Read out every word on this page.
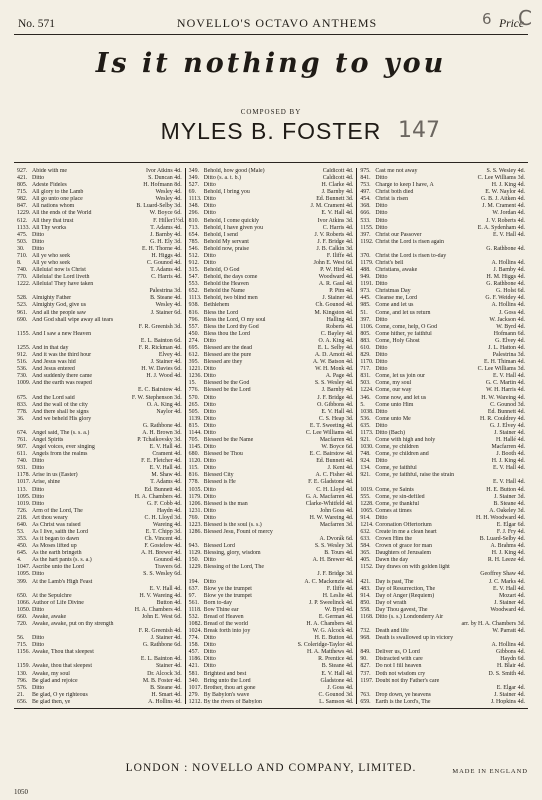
No. 571	NOVELLO'S OCTAVO ANTHEMS	Price
6 C
Is it nothing to you
COMPOSED BY
MYLES B. FOSTER 147
927. Abide with me	Ivor Atkins 4d.
421. Ditto	S. Duncan 4d.
805. Adeste Fideles	H. Hofmann 8d.
715. All glory to the Lamb	Wesley 4d.
982. All go unto one place	Wesley 4d.
847. All nations whom	B. Luard-Selby 3d.
1229. All the ends of the World	W. Boyce 6d.
612. All they that trust	F. Hiller 1½d.
1133. All Thy works	T. Adams 4d.
475. Ditto	J. Barnby 4d.
503. Ditto	G. H. Ely 3d.
30.	Ditto	E. H. Thorne 4d.
710. All ye who seek	H. Higgs 4d.
8.	All ye who seek	C. Gounod 4d.
740. Alleluia! now is Christ	T. Adams 4d.
770. Alleluia! the Lord liveth	C. Harris 4d.
1222. Alleluia! They have taken
Palestrina 3d.
528. Almighty Father	B. Steane 4d.
523. Almighty God, give us	Wesley 4d.
961. And all the people saw	J. Stainer 6d.
690. And God shall wipe away all tears
F. R. Greenish 3d.
1155. And I saw a new Heaven
E. L. Bainton 6d.
1255. And in that day	F. R. Rickman 4d.
912. And it was the third hour	Elvey 4d.
516. And Jesus was hid	J. Stainer 4d.
536. And Jesus entered	H. W. Davies 6d.
730. And suddenly there came	H. J. Wood 4d.
1009. And the earth was reaped
E. C. Bairstow 4d.
675. And the Lord said	F. W. Stephenson 3d.
833. And the wall of the city	O. A. King 4d.
778. And there shall be signs	Naylor 4d.
36.	And we beheld His glory
G. Rathbone 4d.
674. Angel said, The (s. s. a.)	A. H. Brown 3d.
761. Angel Spirits	P. Tchaikovsky 3d.
907. Angel voices, ever singing	E. V. Hall 4d.
611. Angels from the realms	Crament 4d.
740. Ditto	F. E. Fletcher 4d.
931. Ditto	E. V. Hall 4d.
1178. Arise in us (Easter)	M. Shaw 4d.
1017. Arise, shine	T. Adams 4d.
113. Ditto	Ed. Bunnett 4d.
1095. Ditto	H. A. Chambers 4d.
1019. Ditto	G. F. Cobb 4d.
726. Arm of the Lord, The	Haydn 4d.
218. Art thou weary	C. H. Lloyd 3d.
640. As Christ was raised	Wareing 4d.
53.	As I live, saith the Lord	E. T. Chipp 3d.
353. As it began to dawn	Ch. Vincent 4d.
450. As Moses lifted up	F. Gostelow 4d.
645. As the earth bringeth	A. H. Brewer 4d.
4.	As the hart pants (s. s. a.)	Gounod 4d.
1047. Ascribe unto the Lord	Travers 6d.
1095. Ditto	S. S. Wesley 6d.
399. At the Lamb's High Feast
E. V. Hall 4d.
650. At the Sepulchre	H. V. Wareing 4d.
1066. Author of Life Divine	Button 4d.
1050. Ditto	H. A. Chambers 4d.
660. Awake, awake	John E. West 6d.
720. Awake, awake, put on thy strength
F. R. Greenish 4d.
56.	Ditto	J. Stainer 4d.
715. Ditto	G. Rathbone 6d.
1156. Awake, Thou that sleepest
E. L. Bainton 4d.
1159. Awake, thou that sleepest	Stainer 4d.
130. Awake, my soul	Dr. Alcock 3d.
796. Be glad and rejoice	M. B. Foster 4d.
576. Ditto	B. Steane 4d.
21.	Be glad, O ye righteous	H. Smart 4d.
656. Be glad then, ye	A. Hollins 4d.
349. Behold, how good (Male)	Caldicott 4d.
349. Ditto (s. a. t. b.)	Caldicott 4d.
527. Ditto	H. Clarke 4d.
69.	Behold, I bring you	J. Barnby 4d.
1113. Ditto	Ed. Bunnett 3d.
348. Ditto	J. M. Crament 4d.
296. Ditto	E. V. Hall 4d.
810. Behold, I come quickly	Ivor Atkins 3d.
713. Behold, I have given you	C. Harris 4d.
654. Behold, I send	J. V. Roberts 4d.
785. Behold My servant	J. F. Bridge 4d.
546. Behold now, praise	J. B. Calkin 3d.
512. Ditto	F. Iliffe 4d.
912. Ditto	John E. West 6d.
315. Behold, O God	P. W. Hird 4d.
547. Behold, the days come	Woodward 4d.
553. Behold the Heaven	A. R. Gaul 4d.
652. Behold the Name	P. Pim 4d.
1113. Behold, two blind men	J. Stainer 4d.
938. Bethlehem	Ch. Gounod 4d.
816. Bless the Lord	M. Kingston 4d.
796. Bless the Lord, O my soul	Halling 4d.
557. Bless the Lord thy God	Roberts 4d.
450. Bless thou the Lord	C. Bayley 4d.
274. Ditto	O. A. King 4d.
695. Blessed are the dead	E. L. Selby 4d.
612. Blessed are the pure	A. D. Arnott 4d.
395. Blessed are they	A. W. Batson 4d.
1221. Ditto	W. H. Monk 4d.
1236. Ditto	A. Page 4d.
15.	Blessed be the God	S. S. Wesley 4d.
776. Blessed be the Lord	J. Barnby 4d.
570. Ditto	J. F. Bridge 4d.
265. Ditto	O. Gibbons 4d.
505. Ditto	E. V. Hall 4d.
1139. Ditto	C. S. Heap 3d.
815. Ditto	E. T. Sweeting 4d.
1144. Ditto	C. Lee Williams 4d.
705. Blessed be the Name	Macfarren 4d.
1145. Ditto	W. Boyce 6d.
680. Blessed be Thou	E. C. Bairstow 4d.
1120. Ditto	Ed. Bunnett 4d.
115. Ditto	J. Kent 4d.
816. Blessed City	A. C. Fisher 4d.
778. Blessed is He	F. E. Gladstone 4d.
1035. Ditto	C. H. Lloyd 4d.
1179. Ditto	G. A. Macfarren 4d.
1206. Blessed is the man	Clarke-Whitfeld 4d.
1231. Ditto	John Goss 4d.
769. Ditto	H. W. Wareing 4d.
1223. Blessed is the soul (s. s.)	Macfarren 3d.
1286. Blessed Jesu, Fount of mercy
A. Dvorák 6d.
943. Blessed Lord	S. S. Wesley 3d.
1129. Blessing, glory, wisdom	B. Tours 4d.
150. Ditto	A. H. Brewer 4d.
1229. Blessing of the Lord, The
J. F. Bridge 3d.
194. Ditto	A. C. Mackenzie 4d.
637. Blow ye the trumpet	F. Iliffe 4d.
97.	Blow ye the trumpet	H. Leslie 4d.
561. Born to-day	J. P. Sweelinck 4d.
1118. Bow Thine ear	W. Byrd 4d.
532. Bread of Heaven	E. German 4d.
1082. Bread of the world	H. A. Chambers 4d.
1024. Break forth into joy	W. G. Alcock 4d.
774. Ditto	H. E. Button 4d.
158. Ditto	S. Coleridge-Taylor 4d.
457. Ditto	H. A. Matthews 4d.
1186. Ditto	R. Prentice 4d.
421. Ditto	B. Steane 4d.
581. Brightest and best	E. V. Hall 4d.
340. Bring unto the Lord	Gladstone 4d.
1017. Brother, thou art gone	J. Goss 4d.
279. By Babylon's wave	C. Gounod 3d.
1212. By the rivers of Babylon	L. Samson 4d.
975. Cast me not away	S. S. Wesley 4d.
841. Ditto	C. Lee Williams 3d.
753. Charge to keep I have, A	H. J. King 4d.
497. Christ both died	E. W. Naylor 4d.
454. Christ is risen	G. B. J. Aitken 4d.
368. Ditto	J. M. Crament 4d.
666. Ditto	W. Jordan 4d.
533. Ditto	J. V. Roberts 4d.
1155. Ditto	E. A. Sydenham 4d.
397. Christ our Passover	E. V. Hall 4d.
1192. Christ the Lord is risen again
G. Rathbone 4d.
370. Christ the Lord is risen to-day
1179. Christ's bell	A. Hollins 4d.
488. Christians, awake	J. Barnby 4d.
949. Ditto	H. M. Higgs 4d.
1191. Ditto	G. Rathbone 4d.
973. Christmas Day	G. Holst 6d.
445. Cleanse me, Lord	G. F. Weidey 4d.
985. Come and let us	A. Hollins 4d.
51.	Come, and let us return	J. Goss 4d.
397. Ditto	W. Jackson 4d.
1106. Come, come, help, O God	W. Byrd 4d.
805. Come hither, ye faithful	Hofmann 6d.
883. Come, Holy Ghost	G. Elvey 4d.
610. Ditto	J. L. Hatton 4d.
829. Ditto	Palestrina 3d.
1170. Ditto	E. H. Thiman 4d.
717. Ditto	C. Lee Williams 3d.
831. Come, let us join our	E. V. Hall 4d.
503. Come, my soul	G. C. Martin 4d.
1224. Come, our way	W. H. Harris 4d.
346. Come now, and let us	H. W. Wareing 4d.
5.	Come unto Him	C. Gounod 3d.
1038. Ditto	Ed. Bunnett 4d.
536. Come unto Me	H. R. Couldrey 4d.
635. Ditto	G. J. Elvey 4d.
1173. Ditto (Bach)	J. Stainer 4d.
921. Come with high and holy	H. Hallé 4d.
1030. Come, ye children	Macfarren 4d.
748. Come, ye children and	J. Booth 4d.
924. Ditto	H. J. King 4d.
134. Come, ye faithful	E. V. Hall 4d.
921. Come, ye faithful, raise the strain
E. V. Hall 4d.
1019. Come, ye Saints	H. E. Button 4d.
555. Come, ye sin-defiled	J. Stainer 3d.
1228. Come, ye thankful	B. Steane 4d.
1065. Comes at times	A. Oakeley 3d.
914. Ditto	H. H. Woodward 4d.
1214. Coronation Offertorium	E. Elgar 6d.
632. Create in me a clean heart	F. J. Fry 4d.
633. Crown Him the	B. Luard-Selby 4d.
584. Crown of grace for man	A. Brahms 4d.
365. Daughters of Jerusalem	H. J. King 4d.
405. Dawn the day	R. H. Leeze 4d.
1152. Day draws on with golden light
Geoffrey Shaw 4d.
421. Day is past, The	J. C. Marks 4d.
483. Day of Resurrection, The	E. V. Hall 4d.
914. Day of Anger (Requiem)	Mozart 4d.
850. Day of wrath	J. Stainer 4d.
558. Day Thou gavest, The	Woodward 4d.
1168. Ditto (s. s.) Londonderry Air
arr. by H. A. Chambers 3d.
732. Death and life	W. Parratt 4d.
968. Death is swallowed up in victory
A. Hollins 4d.
849. Deliver us, O Lord	Gibbons 4d.
90.	Distracted with care	Haydn 6d.
827. Do not I fill heaven	H. Blair 4d.
737. Doth not wisdom cry	D. S. Smith 4d.
1197. Doubt not thy Father's care
E. Elgar 4d.
763. Drop down, ye heavens	J. Stainer 4d.
659. Earth is the Lord's, The	J. Hopkins 4d.
LONDON : NOVELLO AND COMPANY, LIMITED.	MADE IN ENGLAND
1050
